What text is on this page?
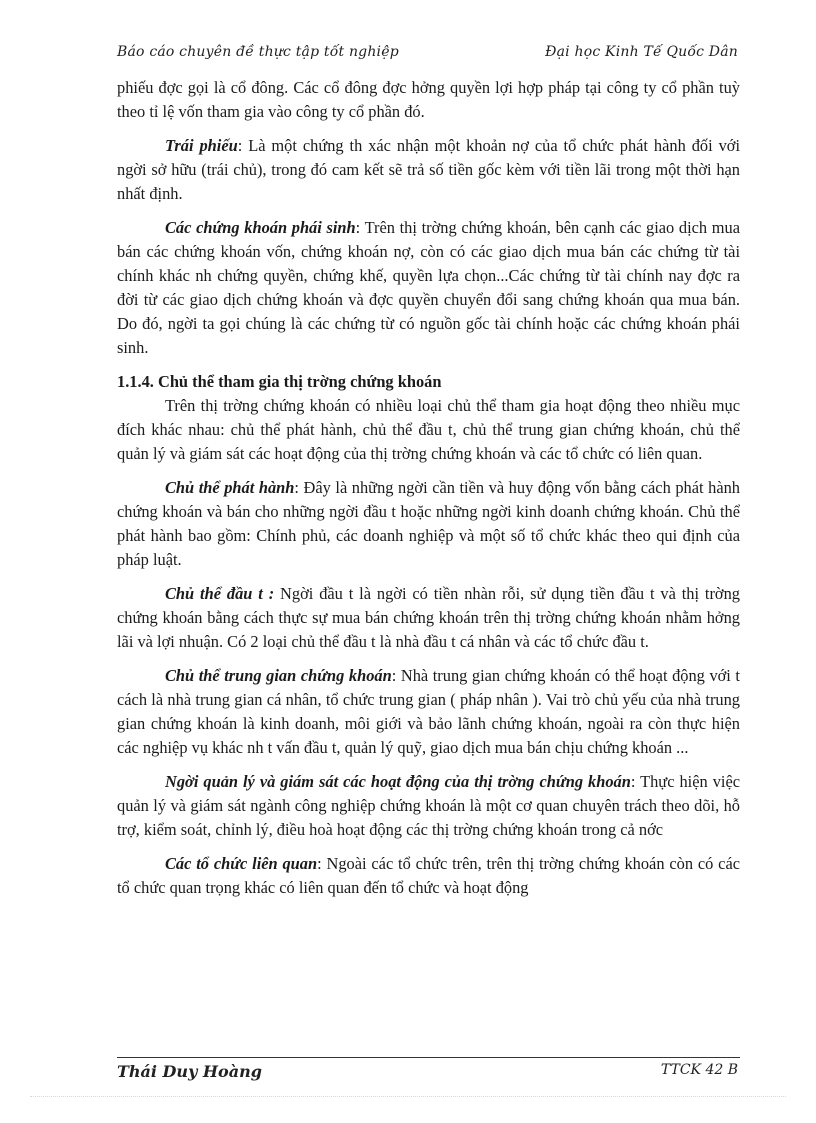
Báo cáo chuyên đề thực tập tốt nghiệp	Đại học Kinh Tế Quốc Dân

phiếu đợc gọi là cổ đông. Các cổ đông đợc hởng quyền lợi hợp pháp tại công ty cổ phần tuỳ theo tỉ lệ vốn tham gia vào công ty cổ phần đó.

Trái phiếu: Là một chứng th xác nhận một khoản nợ của tổ chức phát hành đối với ngời sở hữu (trái chủ), trong đó cam kết sẽ trả số tiền gốc kèm với tiền lãi trong một thời hạn nhất định.

Các chứng khoán phái sinh: Trên thị trờng chứng khoán, bên cạnh các giao dịch mua bán các chứng khoán vốn, chứng khoán nợ, còn có các giao dịch mua bán các chứng từ tài chính khác nh chứng quyền, chứng khế, quyền lựa chọn...Các chứng từ tài chính nay đợc ra đời từ các giao dịch chứng khoán và đợc quyền chuyển đổi sang chứng khoán qua mua bán. Do đó, ngời ta gọi chúng là các chứng từ có nguồn gốc tài chính hoặc các chứng khoán phái sinh.

1.1.4. Chủ thể tham gia thị trờng chứng khoán

Trên thị trờng chứng khoán có nhiều loại chủ thể tham gia hoạt động theo nhiều mục đích khác nhau: chủ thể phát hành, chủ thể đầu t, chủ thể trung gian chứng khoán, chủ thể quản lý và giám sát các hoạt động của thị trờng chứng khoán và các tổ chức có liên quan.

Chủ thể phát hành: Đây là những ngời cần tiền và huy động vốn bằng cách phát hành chứng khoán và bán cho những ngời đầu t hoặc những ngời kinh doanh chứng khoán. Chủ thể phát hành bao gồm: Chính phủ, các doanh nghiệp và một số tổ chức khác theo qui định của pháp luật.

Chủ thể đầu t : Ngời đầu t là ngời có tiền nhàn rỗi, sử dụng tiền đầu t và thị trờng chứng khoán bằng cách thực sự mua bán chứng khoán trên thị trờng chứng khoán nhằm hởng lãi và lợi nhuận. Có 2 loại chủ thể đầu t là nhà đầu t cá nhân và các tổ chức đầu t.

Chủ thể trung gian chứng khoán: Nhà trung gian chứng khoán có thể hoạt động với t cách là nhà trung gian cá nhân, tổ chức trung gian ( pháp nhân ). Vai trò chủ yếu của nhà trung gian chứng khoán là kinh doanh, môi giới và bảo lãnh chứng khoán, ngoài ra còn thực hiện các nghiệp vụ khác nh t vấn đầu t, quản lý quỹ, giao dịch mua bán chịu chứng khoán ...

Ngời quản lý và giám sát các hoạt động của thị trờng chứng khoán: Thực hiện việc quản lý và giám sát ngành công nghiệp chứng khoán là một cơ quan chuyên trách theo dõi, hỗ trợ, kiểm soát, chỉnh lý, điều hoà hoạt động các thị trờng chứng khoán trong cả nớc

Các tổ chức liên quan: Ngoài các tổ chức trên, trên thị trờng chứng khoán còn có các tổ chức quan trọng khác có liên quan đến tổ chức và hoạt động

Thái Duy Hoàng	TTCK 42 B
